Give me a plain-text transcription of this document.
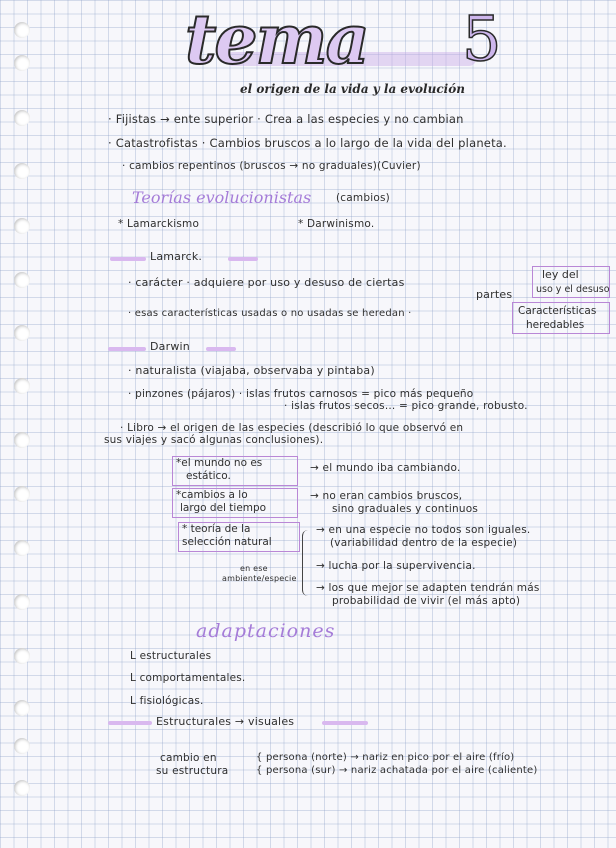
tema 5
el origen de la vida y la evolución
· Fijistas → ente superior · Crea a las especies y no cambian
· Catastrofistas · Cambios bruscos a lo largo de la vida del planeta.
· cambios repentinos (bruscos → no graduales)(Cuvier)
Teorías evolucionistas (cambios)
* Lamarckismo	* Darwinismo.
Lamarck.
· carácter · adquiere por uso y desuso de ciertas
partes
ley del
uso y el desuso
· esas características usadas o no usadas se heredan ·	Características
heredables
Darwin
· naturalista (viajaba, observaba y pintaba)
· pinzones (pájaros) · islas frutos carnosos = pico más pequeño
· islas frutos secos... = pico grande, robusto.
· Libro → el origen de las especies (describió lo que observó en
sus viajes y sacó algunas conclusiones).
*el mundo no es
estático.
→ el mundo iba cambiando.
*cambios a lo
largo del tiempo
→ no eran cambios bruscos,
sino graduales y continuos
* teoría de la
selección natural
→ en una especie no todos son iguales.
(variabilidad dentro de la especie)
→ lucha por la supervivencia.
→ los que mejor se adapten tendrán más
probabilidad de vivir (el más apto)
en ese
ambiente/especie
adaptaciones
L estructurales
L comportamentales.
L fisiológicas.
Estructurales → visuales
cambio en
su estructura
{ persona (norte) → nariz en pico por el aire (frío)
{ persona (sur) → nariz achatada por el aire (caliente)
